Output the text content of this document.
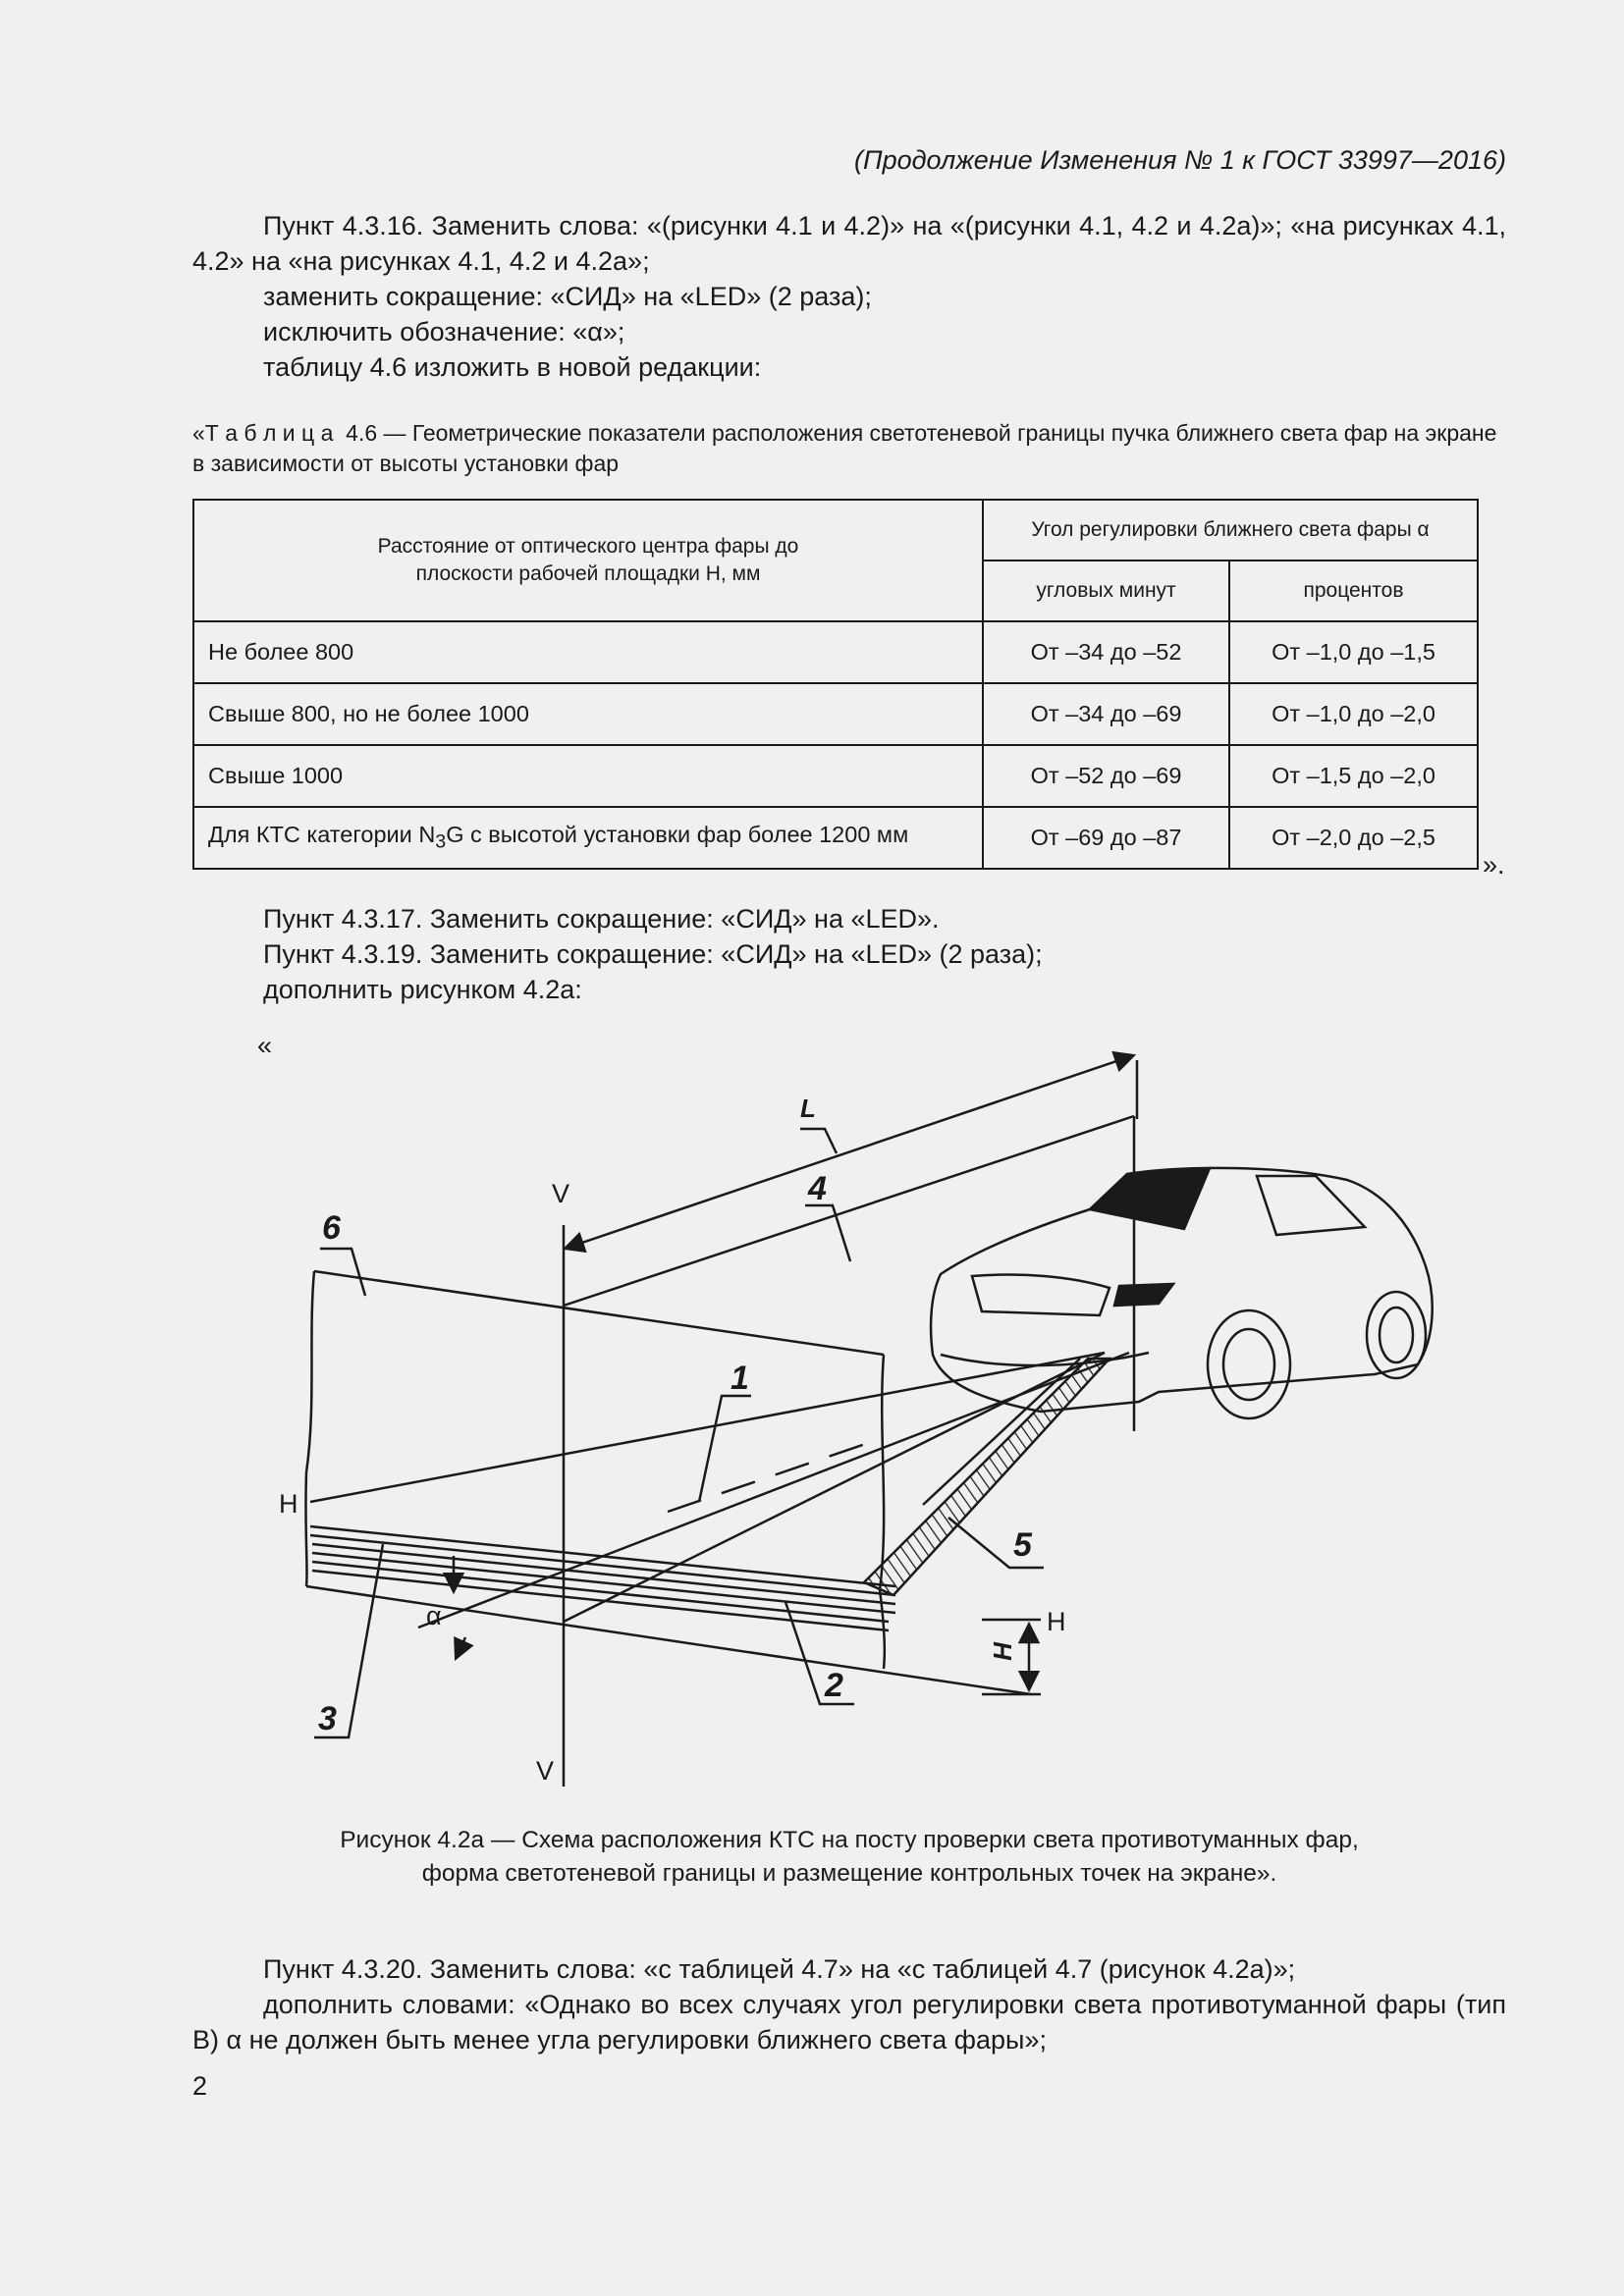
(Продолжение Изменения № 1 к ГОСТ 33997—2016)
Пункт 4.3.16. Заменить слова: «(рисунки 4.1 и 4.2)» на «(рисунки 4.1, 4.2 и 4.2а)»; «на рисунках 4.1, 4.2» на «на рисунках 4.1, 4.2 и 4.2а»;
заменить сокращение: «СИД» на «LED» (2 раза);
исключить обозначение: «α»;
таблицу 4.6 изложить в новой редакции:
«Т а б л и ц а 4.6 — Геометрические показатели расположения светотеневой границы пучка ближнего света фар на экране в зависимости от высоты установки фар
Расстояние от оптического центра фары до плоскости рабочей площадки H, мм	Угол регулировки ближнего света фары α	
	угловых минут	процентов
Не более 800	От –34 до –52	От –1,0 до –1,5
Свыше 800, но не более 1000	От –34 до –69	От –1,0 до –2,0
Свыше 1000	От –52 до –69	От –1,5 до –2,0
Для КТС категории $N_3G$ с высотой установки фар более 1200 мм	От –69 до –87	От –2,0 до –2,5
».
Пункт 4.3.17. Заменить сокращение: «СИД» на «LED».
Пункт 4.3.19. Заменить сокращение: «СИД» на «LED» (2 раза);
дополнить рисунком 4.2а:
«
6
4
1
5
2
3
L
V
V
H
H
H
α
Рисунок 4.2а — Схема расположения КТС на посту проверки света противотуманных фар,
форма светотеневой границы и размещение контрольных точек на экране».
Пункт 4.3.20. Заменить слова: «с таблицей 4.7» на «с таблицей 4.7 (рисунок 4.2а)»;
дополнить словами: «Однако во всех случаях угол регулировки света противотуманной фары (тип В) α не должен быть менее угла регулировки ближнего света фары»;
2
